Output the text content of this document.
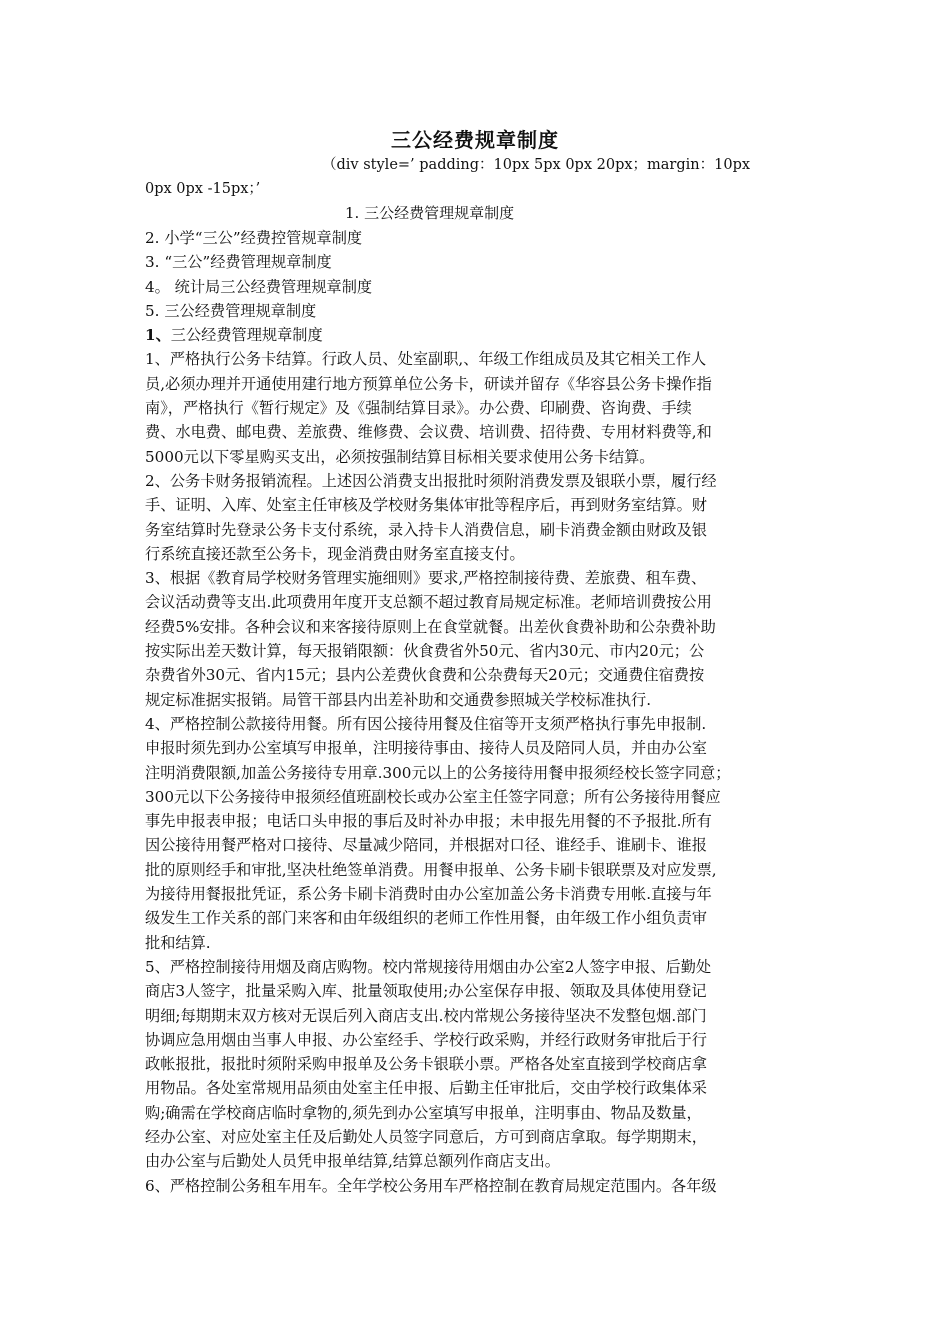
三公经费规章制度
（div style=’ padding：10px 5px 0px 20px；margin：10px
0px 0px -15px；’
1. 三公经费管理规章制度
2. 小学“三公”经费控管规章制度
3. “三公”经费管理规章制度
4。 统计局三公经费管理规章制度
5. 三公经费管理规章制度
1、三公经费管理规章制度
1、严格执行公务卡结算。行政人员、处室副职,、年级工作组成员及其它相关工作人
员,必须办理并开通使用建行地方预算单位公务卡，研读并留存《华容县公务卡操作指
南》，严格执行《暂行规定》及《强制结算目录》。办公费、印刷费、咨询费、手续
费、水电费、邮电费、差旅费、维修费、会议费、培训费、招待费、专用材料费等,和
5000元以下零星购买支出，必须按强制结算目标相关要求使用公务卡结算。
2、公务卡财务报销流程。上述因公消费支出报批时须附消费发票及银联小票，履行经
手、证明、入库、处室主任审核及学校财务集体审批等程序后，再到财务室结算。财
务室结算时先登录公务卡支付系统，录入持卡人消费信息，刷卡消费金额由财政及银
行系统直接还款至公务卡，现金消费由财务室直接支付。
3、根据《教育局学校财务管理实施细则》要求,严格控制接待费、差旅费、租车费、
会议活动费等支出.此项费用年度开支总额不超过教育局规定标准。老师培训费按公用
经费5%安排。各种会议和来客接待原则上在食堂就餐。出差伙食费补助和公杂费补助
按实际出差天数计算，每天报销限额：伙食费省外50元、省内30元、市内20元；公
杂费省外30元、省内15元；县内公差费伙食费和公杂费每天20元；交通费住宿费按
规定标准据实报销。局管干部县内出差补助和交通费参照城关学校标准执行.
4、严格控制公款接待用餐。所有因公接待用餐及住宿等开支须严格执行事先申报制.
申报时须先到办公室填写申报单，注明接待事由、接待人员及陪同人员，并由办公室
注明消费限额,加盖公务接待专用章.300元以上的公务接待用餐申报须经校长签字同意；
300元以下公务接待申报须经值班副校长或办公室主任签字同意；所有公务接待用餐应
事先申报表申报；电话口头申报的事后及时补办申报；未申报先用餐的不予报批.所有
因公接待用餐严格对口接待、尽量减少陪同，并根据对口径、谁经手、谁刷卡、谁报
批的原则经手和审批,坚决杜绝签单消费。用餐申报单、公务卡刷卡银联票及对应发票,
为接待用餐报批凭证，系公务卡刷卡消费时由办公室加盖公务卡消费专用帐.直接与年
级发生工作关系的部门来客和由年级组织的老师工作性用餐，由年级工作小组负责审
批和结算.
5、严格控制接待用烟及商店购物。校内常规接待用烟由办公室2人签字申报、后勤处
商店3人签字，批量采购入库、批量领取使用;办公室保存申报、领取及具体使用登记
明细;每期期末双方核对无误后列入商店支出.校内常规公务接待坚决不发整包烟.部门
协调应急用烟由当事人申报、办公室经手、学校行政采购，并经行政财务审批后于行
政帐报批，报批时须附采购申报单及公务卡银联小票。严格各处室直接到学校商店拿
用物品。各处室常规用品须由处室主任申报、后勤主任审批后，交由学校行政集体采
购;确需在学校商店临时拿物的,须先到办公室填写申报单，注明事由、物品及数量，
经办公室、对应处室主任及后勤处人员签字同意后，方可到商店拿取。每学期期末，
由办公室与后勤处人员凭申报单结算,结算总额列作商店支出。
6、严格控制公务租车用车。全年学校公务用车严格控制在教育局规定范围内。各年级
